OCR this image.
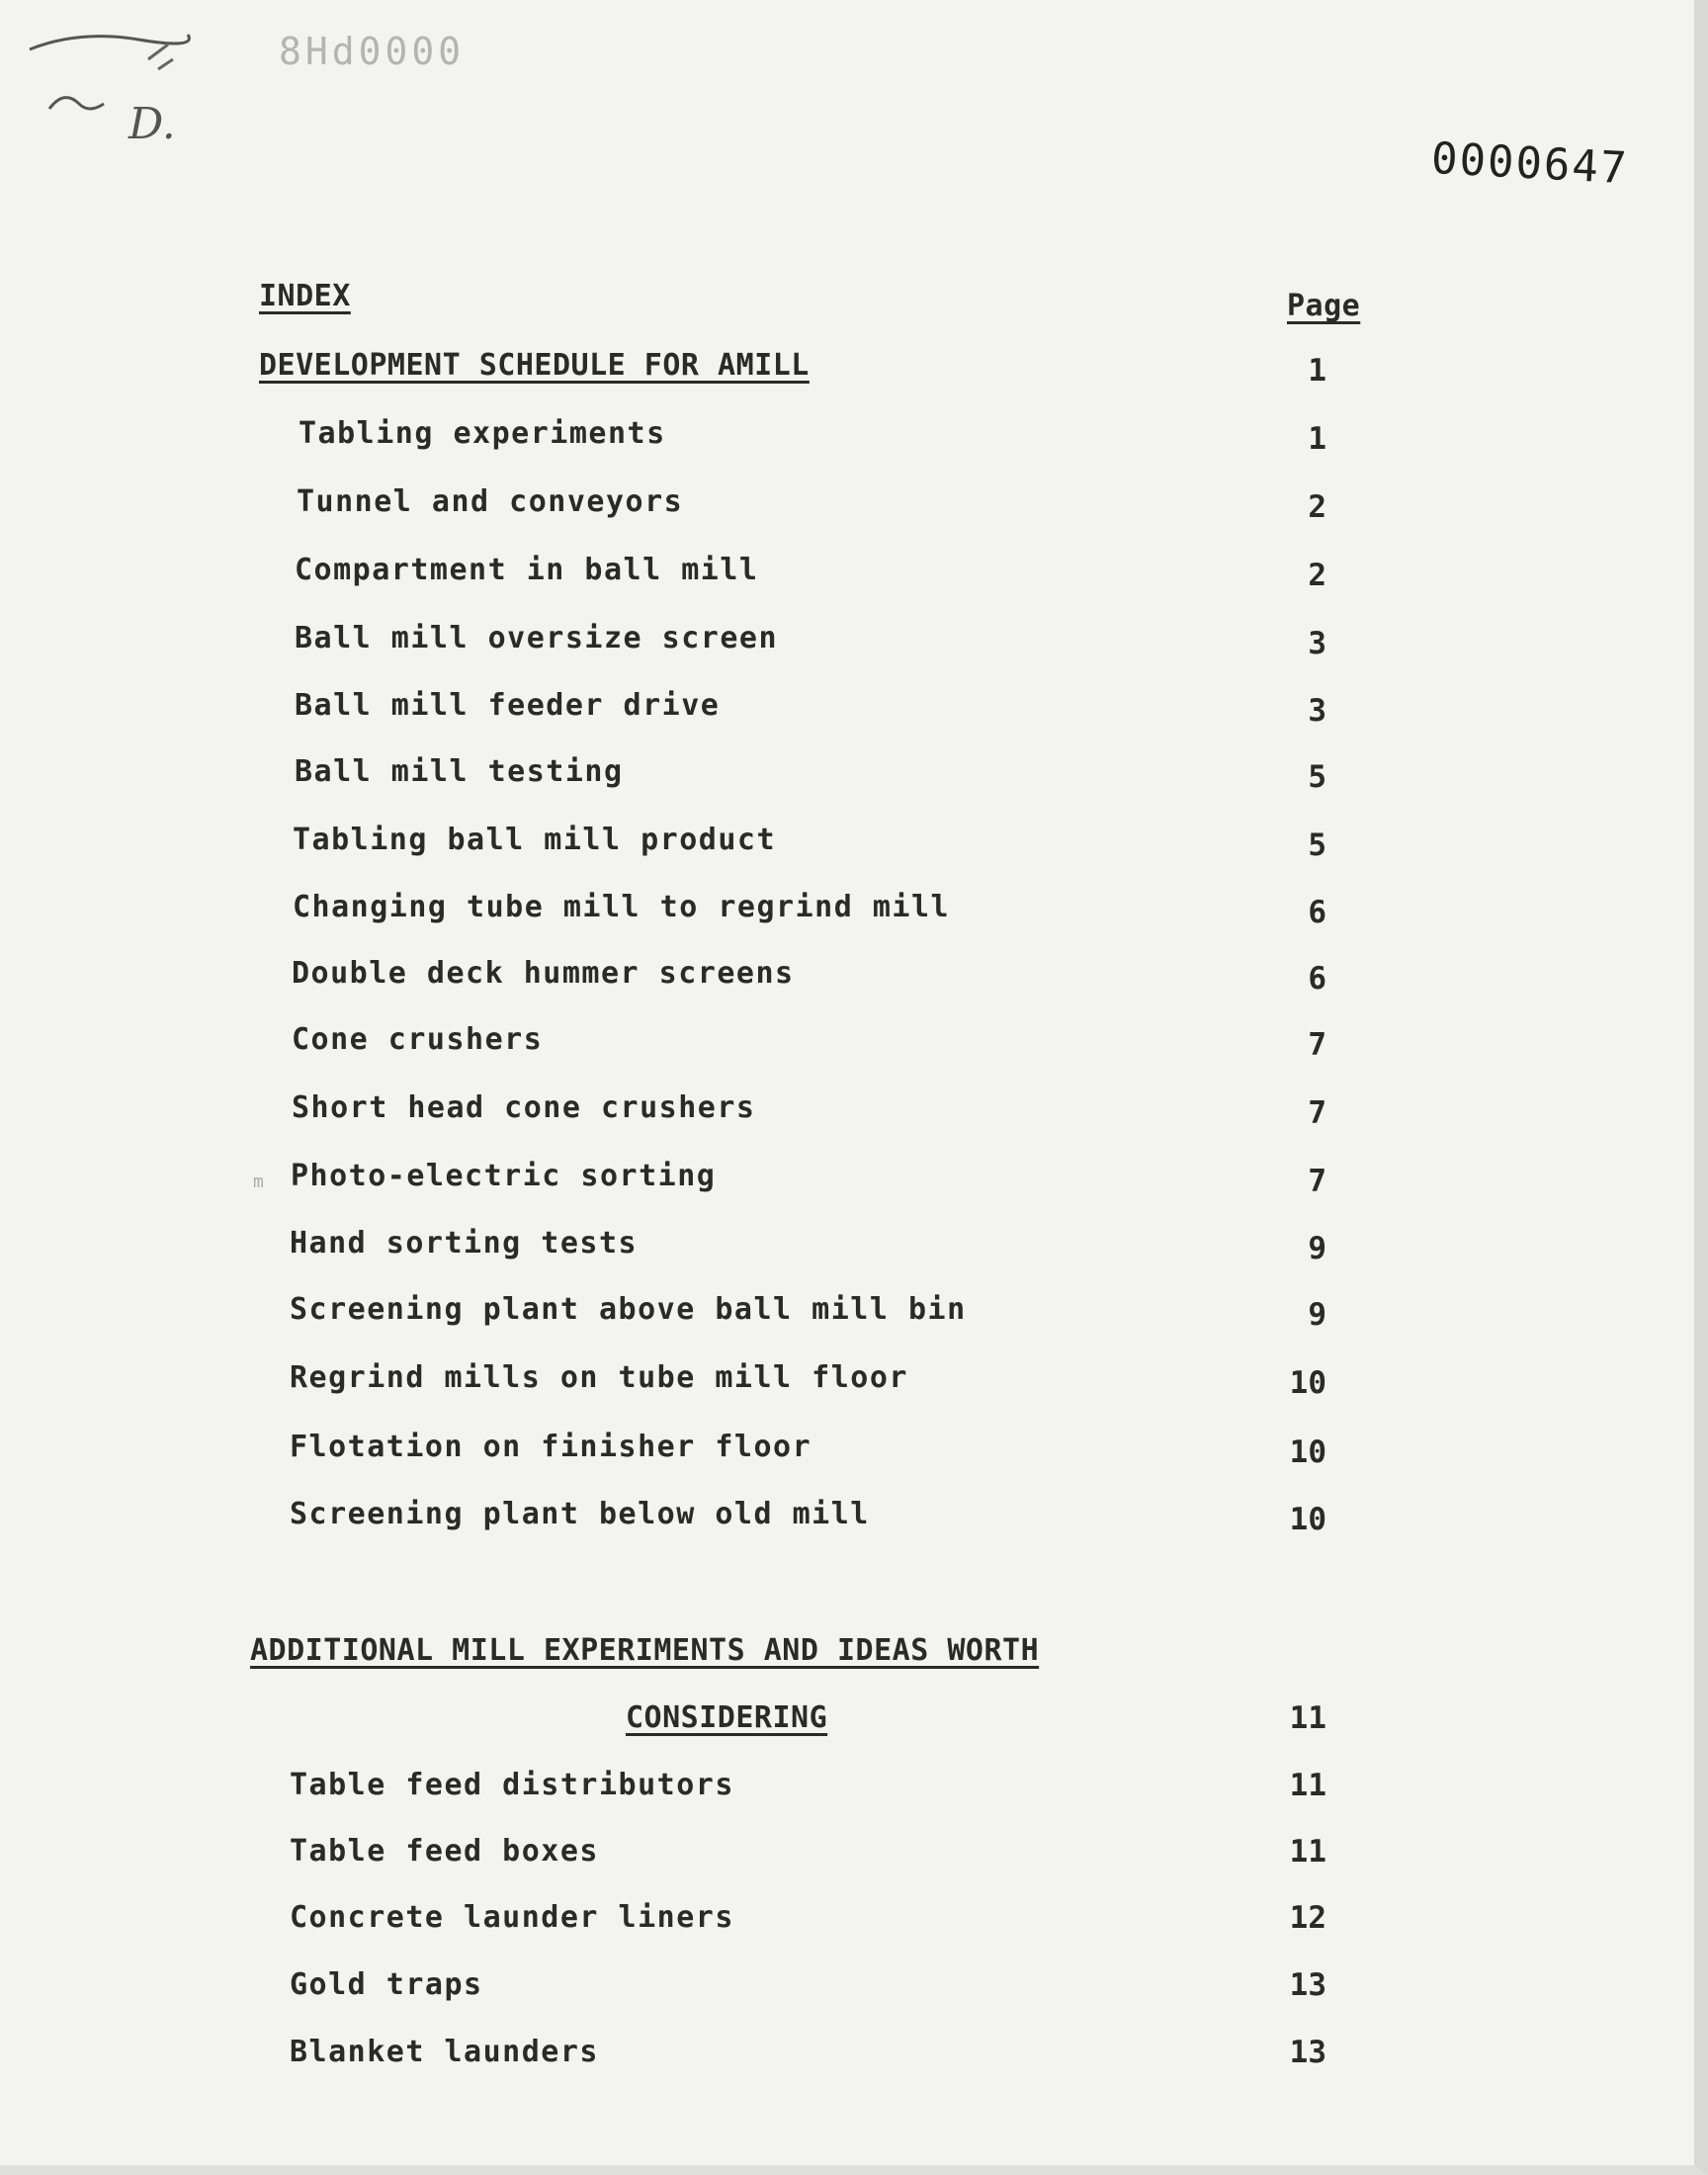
D.
8Hd0000
0000647
INDEX	Page
DEVELOPMENT SCHEDULE FOR AMILL	1
Tabling experiments	1
Tunnel and conveyors	2
Compartment in ball mill	2
Ball mill oversize screen	3
Ball mill feeder drive	3
Ball mill testing	5
Tabling ball mill product	5
Changing tube mill to regrind mill	6
Double deck hummer screens	6
Cone crushers	7
Short head cone crushers	7
m Photo-electric sorting	7
Hand sorting tests	9
Screening plant above ball mill bin	9
Regrind mills on tube mill floor	10
Flotation on finisher floor	10
Screening plant below old mill	10
ADDITIONAL MILL EXPERIMENTS AND IDEAS WORTH
CONSIDERING	11
Table feed distributors	11
Table feed boxes	11
Concrete launder liners	12
Gold traps	13
Blanket launders	13
